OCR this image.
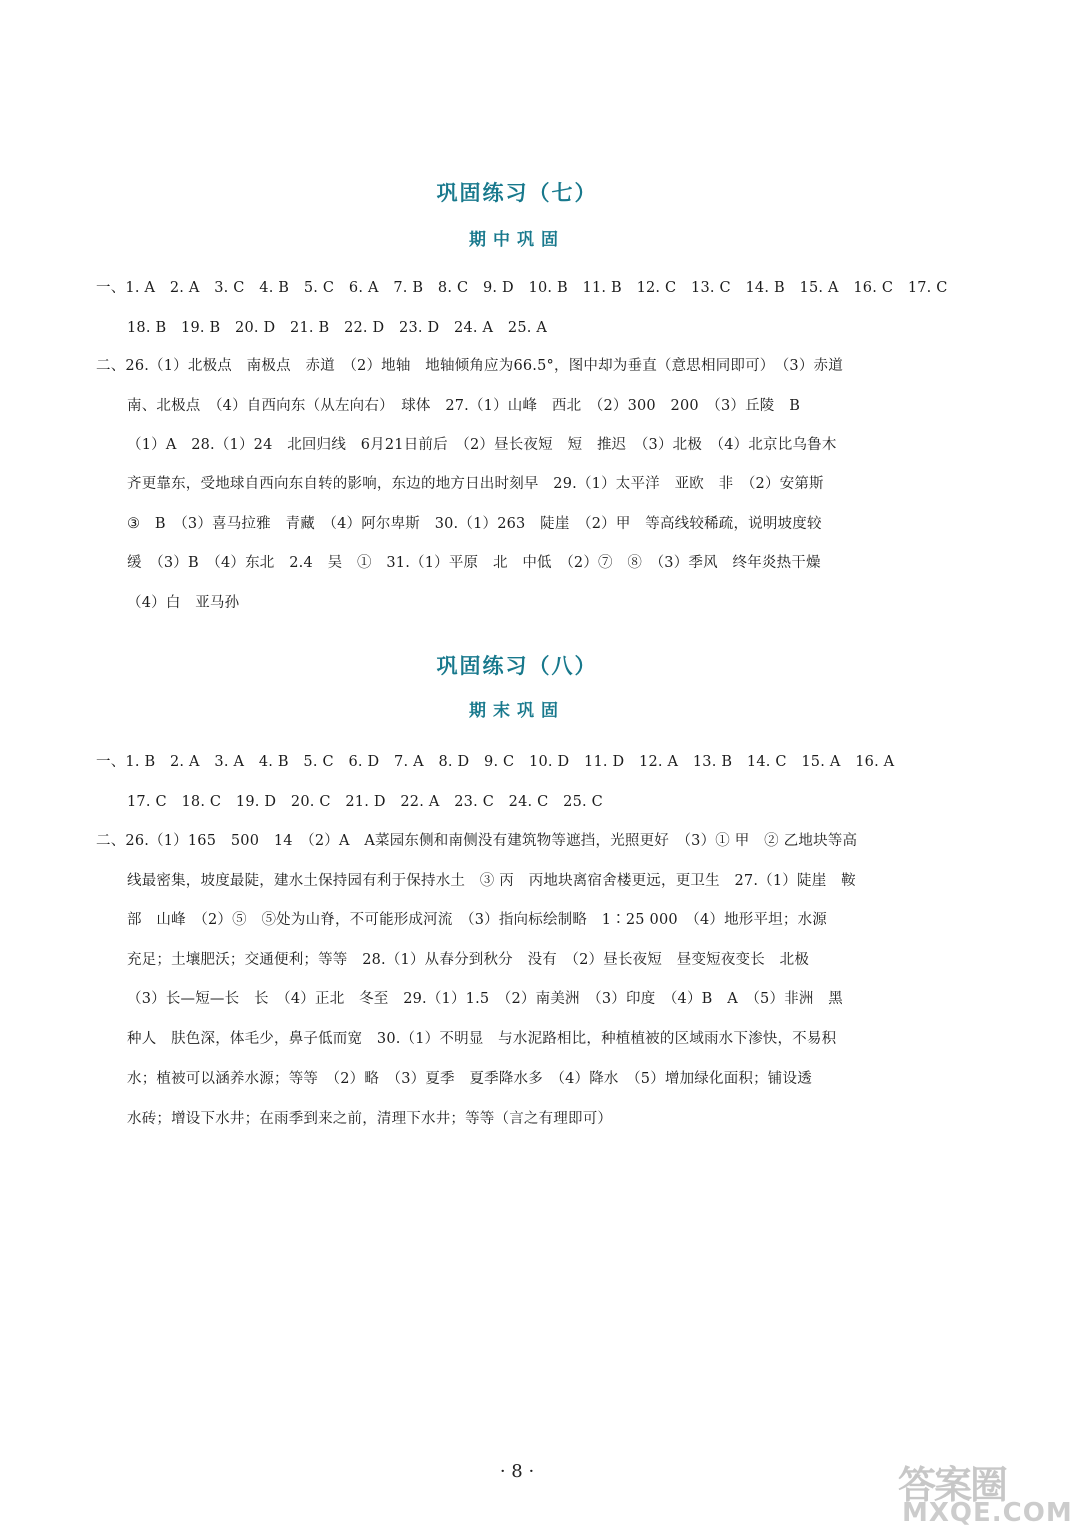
巩固练习（七）
期中巩固
一、1. A　2. A　3. C　4. B　5. C　6. A　7. B　8. C　9. D　10. B　11. B　12. C　13. C　14. B　15. A　16. C　17. C
18. B　19. B　20. D　21. B　22. D　23. D　24. A　25. A
二、26.（1）北极点　南极点　赤道　（2）地轴　地轴倾角应为66.5°，图中却为垂直（意思相同即可）　（3）赤道
南、北极点　（4）自西向东（从左向右）　球体　27.（1）山峰　西北　（2）300　200　（3）丘陵　B
（1）A　28.（1）24　北回归线　6月21日前后　（2）昼长夜短　短　推迟　（3）北极　（4）北京比乌鲁木
齐更靠东，受地球自西向东自转的影响，东边的地方日出时刻早　29.（1）太平洋　亚欧　非　（2）安第斯
③　B　（3）喜马拉雅　青藏　（4）阿尔卑斯　30.（1）263　陡崖　（2）甲　等高线较稀疏，说明坡度较
缓　（3）B　（4）东北　2.4　吴　①　31.（1）平原　北　中低　（2）⑦　⑧　（3）季风　终年炎热干燥
（4）白　亚马孙
巩固练习（八）
期末巩固
一、1. B　2. A　3. A　4. B　5. C　6. D　7. A　8. D　9. C　10. D　11. D　12. A　13. B　14. C　15. A　16. A
17. C　18. C　19. D　20. C　21. D　22. A　23. C　24. C　25. C
二、26.（1）165　500　14　（2）A　A菜园东侧和南侧没有建筑物等遮挡，光照更好　（3）① 甲　② 乙地块等高
线最密集，坡度最陡，建水土保持园有利于保持水土　③ 丙　丙地块离宿舍楼更远，更卫生　27.（1）陡崖　鞍
部　山峰　（2）⑤　⑤处为山脊，不可能形成河流　（3）指向标绘制略　1∶25 000　（4）地形平坦；水源
充足；土壤肥沃；交通便利；等等　28.（1）从春分到秋分　没有　（2）昼长夜短　昼变短夜变长　北极
（3）长—短—长　长　（4）正北　冬至　29.（1）1.5　（2）南美洲　（3）印度　（4）B　A　（5）非洲　黑
种人　肤色深，体毛少，鼻子低而宽　30.（1）不明显　与水泥路相比，种植植被的区域雨水下渗快，不易积
水；植被可以涵养水源；等等　（2）略　（3）夏季　夏季降水多　（4）降水　（5）增加绿化面积；铺设透
水砖；增设下水井；在雨季到来之前，清理下水井；等等（言之有理即可）
· 8 ·	答案圈
MXQE.COM
